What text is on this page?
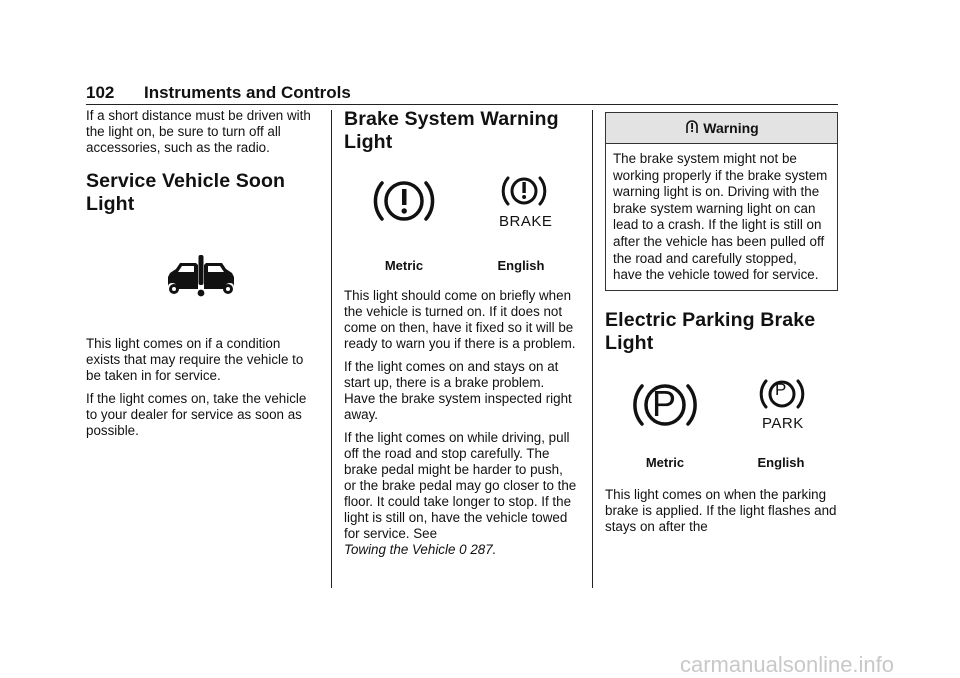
102 Instruments and Controls

If a short distance must be driven with the light on, be sure to turn off all accessories, such as the radio.

Service Vehicle Soon Light

This light comes on if a condition exists that may require the vehicle to be taken in for service.

If the light comes on, take the vehicle to your dealer for service as soon as possible.

Brake System Warning Light
BRAKE
Metric	English

This light should come on briefly when the vehicle is turned on. If it does not come on then, have it fixed so it will be ready to warn you if there is a problem.

If the light comes on and stays on at start up, there is a brake problem. Have the brake system inspected right away.

If the light comes on while driving, pull off the road and stop carefully. The brake pedal might be harder to push, or the brake pedal may go closer to the floor. It could take longer to stop. If the light is still on, have the vehicle towed for service. See
Towing the Vehicle 0 287.

Warning

The brake system might not be working properly if the brake system warning light is on. Driving with the brake system warning light on can lead to a crash. If the light is still on after the vehicle has been pulled off the road and carefully stopped, have the vehicle towed for service.

Electric Parking Brake Light
P	P
PARK
Metric	English

This light comes on when the parking brake is applied. If the light flashes and stays on after the

carmanualsonline.info
